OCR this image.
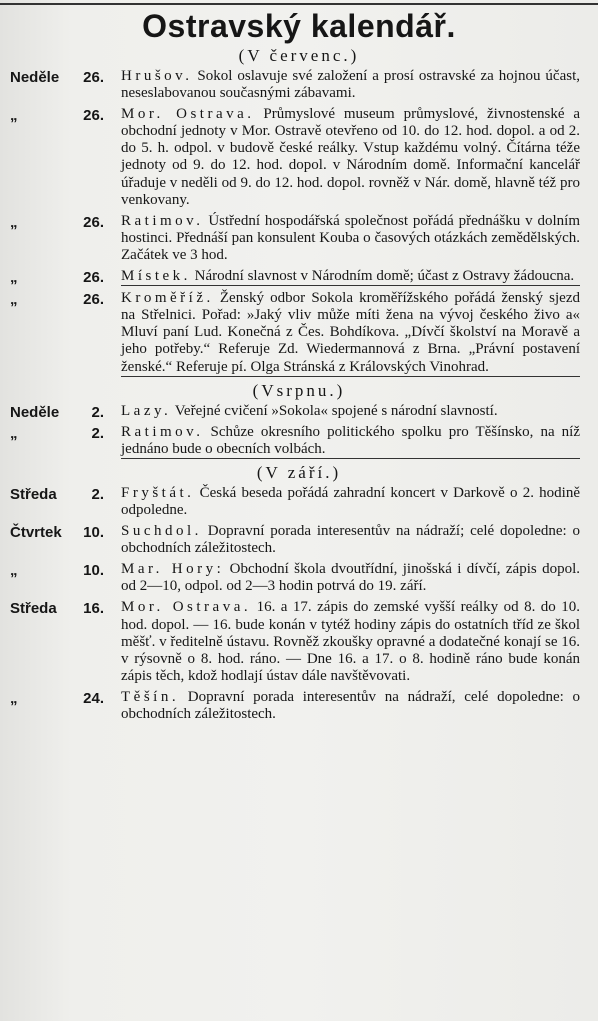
Ostravský kalendář.
(V červenc.)
Neděle	26. Hrušov. Sokol oslavuje své založení a prosí ostravské za hojnou účast, neseslabovanou současnými zábavami.
„	26. Mor. Ostrava. Průmyslové museum průmyslové, živnostenské a obchodní jednoty v Mor. Ostravě otevřeno od 10. do 12. hod. dopol. a od 2. do 5. h. odpol. v budově české reálky. Vstup každému volný. Čítárna téže jednoty od 9. do 12. hod. dopol. v Národním domě. Informační kancelář úřaduje v neděli od 9. do 12. hod. dopol. rovněž v Nár. domě, hlavně též pro venkovany.
„	26. Ratimov. Ústřední hospodářská společnost pořádá přednášku v dolním hostinci. Přednáší pan konsulent Kouba o časových otázkách zemědělských. Začátek ve 3 hod.
„	26. Místek. Národní slavnost v Národním domě; účast z Ostravy žádoucna.
„	26. Kroměříž. Ženský odbor Sokola kroměřížského pořádá ženský sjezd na Střelnici. Pořad: »Jaký vliv může míti žena na vývoj českého živo a« Mluví paní Lud. Konečná z Čes. Bohdíkova. „Dívčí školství na Moravě a jeho potřeby.“ Referuje Zd. Wiedermannová z Brna. „Právní postavení ženské.“ Referuje pí. Olga Stránská z Královských Vinohrad.
(Vsrpnu.)
Neděle	2. Lazy. Veřejné cvičení »Sokola« spojené s národní slavností.
„	2. Ratimov. Schůze okresního politického spolku pro Těšínsko, na níž jednáno bude o obecních volbách.
(V září.)
Středa	2. Fryštát. Česká beseda pořádá zahradní koncert v Darkově o 2. hodině odpoledne.
Čtvrtek	10. Suchdol. Dopravní porada interesentův na nádraží; celé dopoledne: o obchodních záležitostech.
„	10. Mar. Hory: Obchodní škola dvoutřídní, jinošská i dívčí, zápis dopol. od 2—10, odpol. od 2—3 hodin potrvá do 19. září.
Středa	16. Mor. Ostrava. 16. a 17. zápis do zemské vyšší reálky od 8. do 10. hod. dopol. — 16. bude konán v tytéž hodiny zápis do ostatních tříd ze škol měšť. v ředitelně ústavu. Rovněž zkoušky opravné a dodatečné konají se 16. v rýsovně o 8. hod. ráno. — Dne 16. a 17. o 8. hodině ráno bude konán zápis těch, kdož hodlají ústav dále navštěvovati.
„	24. Těšín. Dopravní porada interesentův na nádraží, celé dopoledne: o obchodních záležitostech.
